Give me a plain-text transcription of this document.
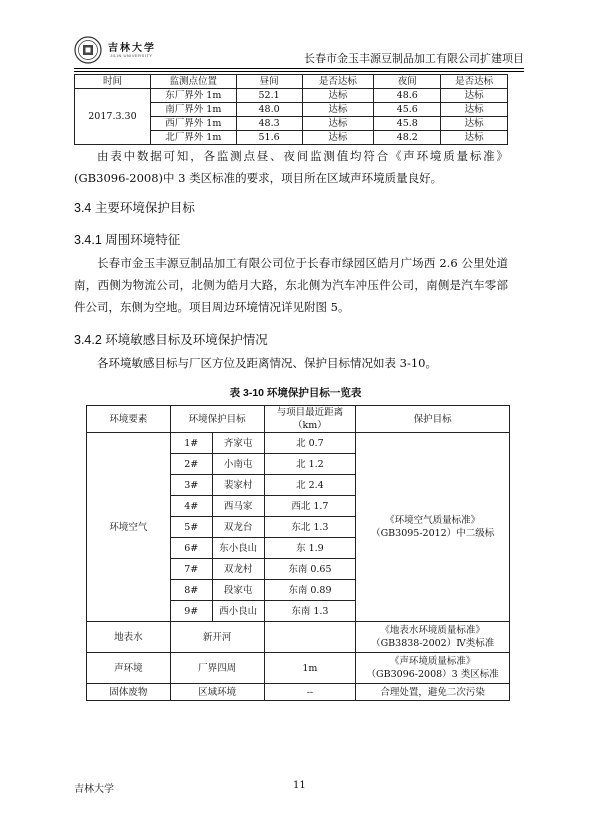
吉林大学
JILIN UNIVERSITY	长春市金玉丰源豆制品加工有限公司扩建项目
时间	监测点位置	昼间	是否达标	夜间	是否达标
2017.3.30	东厂界外 1m	52.1	达标	48.6	达标
	南厂界外 1m	48.0	达标	45.6	达标
	西厂界外 1m	48.3	达标	45.8	达标
	北厂界外 1m	51.6	达标	48.2	达标
由表中数据可知，各监测点昼、夜间监测值均符合《声环境质量标准》(GB3096-2008)中 3 类区标准的要求，项目所在区域声环境质量良好。
3.4 主要环境保护目标
3.4.1 周围环境特征
长春市金玉丰源豆制品加工有限公司位于长春市绿园区皓月广场西 2.6 公里处道南，西侧为物流公司，北侧为皓月大路，东北侧为汽车冲压件公司，南侧是汽车零部件公司，东侧为空地。项目周边环境情况详见附图 5。
3.4.2 环境敏感目标及环境保护情况
各环境敏感目标与厂区方位及距离情况、保护目标情况如表 3-10。
表 3-10 环境保护目标一览表
环境要素	环境保护目标		与项目最近距离（km）	保护目标
环境空气	1#	齐家屯	北 0.7	《环境空气质量标准》
（GB3095-2012）中二级标

	2#	小南屯	北 1.2	
	3#	裴家村	北 2.4	
	4#	西马家	西北 1.7	
	5#	双龙台	东北 1.3	
	6#	东小良山	东 1.9	
	7#	双龙村	东南 0.65	
	8#	段家屯	东南 0.89	
	9#	西小良山	东南 1.3	
地表水	新开河			《地表水环境质量标准》
（GB3838-2002）Ⅳ类标准

声环境	厂界四周		1m	《声环境质量标准》
（GB3096-2008）3 类区标准

固体废物	区域环境		--	合理处置，避免二次污染
吉林大学	11
